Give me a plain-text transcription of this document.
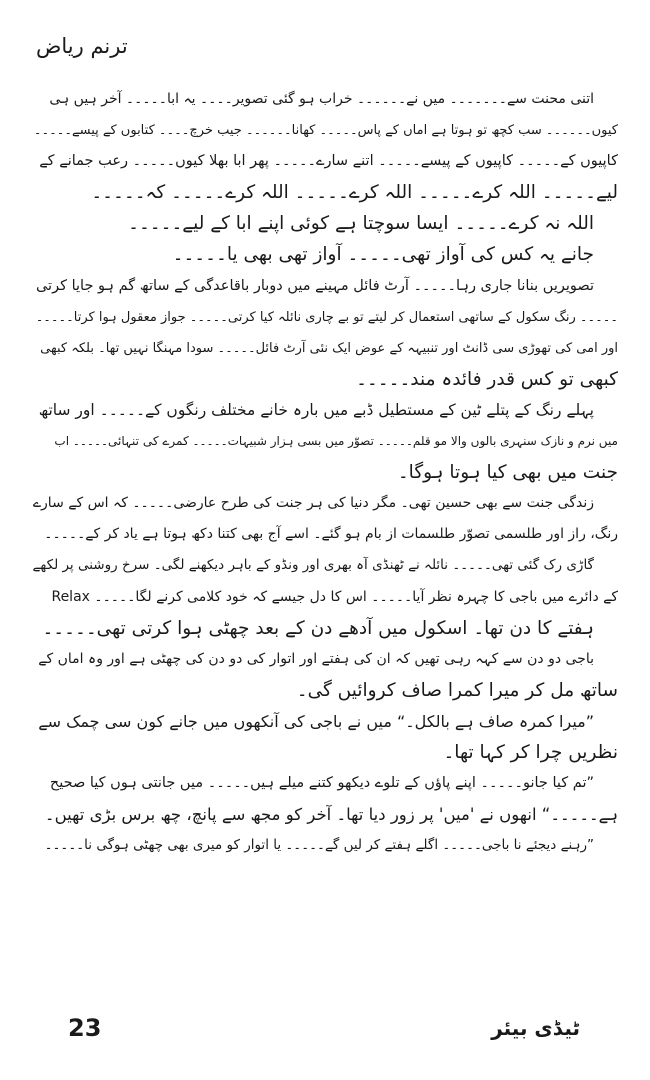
ترنم ریاض
اتنی محنت سے۔۔۔۔۔۔۔ میں نے۔۔۔۔۔۔ خراب ہو گئی تصویر۔۔۔۔ یہ ابا۔۔۔۔۔ آخر ہیں ہی
کیوں۔۔۔۔۔۔ سب کچھ تو ہوتا ہے اماں کے پاس۔۔۔۔۔ کھانا۔۔۔۔۔۔ جیب خرچ۔۔۔۔ کتابوں کے پیسے۔۔۔۔۔
کاپیوں کے۔۔۔۔۔ کاپیوں کے پیسے۔۔۔۔۔ اتنے سارے۔۔۔۔۔ پھر ابا بھلا کیوں۔۔۔۔۔ رعب جمانے کے
لیے۔۔۔۔۔ اللہ کرے۔۔۔۔۔ اللہ کرے۔۔۔۔۔ اللہ کرے۔۔۔۔۔ کہ۔۔۔۔۔
اللہ نہ کرے۔۔۔۔۔ ایسا سوچتا ہے کوئی اپنے ابا کے لیے۔۔۔۔۔
جانے یہ کس کی آواز تھی۔۔۔۔۔ آواز تھی بھی یا۔۔۔۔۔
تصویریں بنانا جاری رہا۔۔۔۔۔ آرٹ فائل مہینے میں دوبار باقاعدگی کے ساتھ گم ہو جایا کرتی
۔۔۔۔۔ رنگ سکول کے ساتھی استعمال کر لیتے تو بے چاری نائلہ کیا کرتی۔۔۔۔۔ جواز معقول ہوا کرتا۔۔۔۔۔
اور امی کی تھوڑی سی ڈانٹ اور تنبیہہ کے عوض ایک نئی آرٹ فائل۔۔۔۔۔ سودا مہنگا نہیں تھا۔ بلکہ کبھی
کبھی تو کس قدر فائدہ مند۔۔۔۔۔
پہلے رنگ کے پتلے ٹین کے مستطیل ڈبے میں بارہ خانے مختلف رنگوں کے۔۔۔۔۔ اور ساتھ
میں نرم و نازک سنہری بالوں والا مو قلم۔۔۔۔۔ تصوّر میں بسی ہزار شبیہات۔۔۔۔۔ کمرے کی تنہائی۔۔۔۔۔ اب
جنت میں بھی کیا ہوتا ہوگا۔
زندگی جنت سے بھی حسین تھی۔ مگر دنیا کی ہر جنت کی طرح عارضی۔۔۔۔۔ کہ اس کے سارے
رنگ، راز اور طلسمی تصوّر طلسمات از بام ہو گئے۔ اسے آج بھی کتنا دکھ ہوتا ہے یاد کر کے۔۔۔۔۔
گاڑی رک گئی تھی۔۔۔۔۔ نائلہ نے ٹھنڈی آہ بھری اور ونڈو کے باہر دیکھنے لگی۔ سرخ روشنی پر لکھے
Relax کے دائرے میں باجی کا چہرہ نظر آیا۔۔۔۔۔ اس کا دل جیسے کہ خود کلامی کرنے لگا۔۔۔۔۔
ہفتے کا دن تھا۔ اسکول میں آدھے دن کے بعد چھٹی ہوا کرتی تھی۔۔۔۔۔
باجی دو دن سے کہہ رہی تھیں کہ ان کی ہفتے اور اتوار کی دو دن کی چھٹی ہے اور وہ اماں کے
ساتھ مل کر میرا کمرا صاف کروائیں گی۔
”میرا کمرہ صاف ہے بالکل۔“ میں نے باجی کی آنکھوں میں جانے کون سی چمک سے
نظریں چرا کر کہا تھا۔
”تم کیا جانو۔۔۔۔۔ اپنے پاؤں کے تلوے دیکھو کتنے میلے ہیں۔۔۔۔۔ میں جانتی ہوں کیا صحیح
ہے۔۔۔۔۔“ انھوں نے 'میں' پر زور دیا تھا۔ آخر کو مجھ سے پانچ، چھ برس بڑی تھیں۔
”رہنے دیجئے نا باجی۔۔۔۔۔ اگلے ہفتے کر لیں گے۔۔۔۔۔ یا اتوار کو میری بھی چھٹی ہوگی نا۔۔۔۔۔
23	ٹیڈی بیئر
